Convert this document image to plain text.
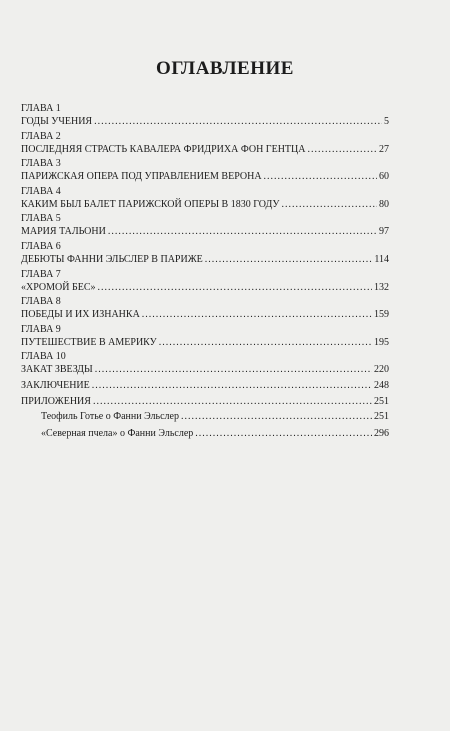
ОГЛАВЛЕНИЕ
ГЛАВА 1
ГОДЫ УЧЕНИЯ .....	5
ГЛАВА 2
ПОСЛЕДНЯЯ СТРАСТЬ КАВАЛЕРА ФРИДРИХА ФОН ГЕНТЦА .....	27
ГЛАВА 3
ПАРИЖСКАЯ ОПЕРА ПОД УПРАВЛЕНИЕМ ВЕРОНА .....	60
ГЛАВА 4
КАКИМ БЫЛ БАЛЕТ ПАРИЖСКОЙ ОПЕРЫ В 1830 ГОДУ .....	80
ГЛАВА 5
МАРИЯ ТАЛЬОНИ .....	97
ГЛАВА 6
ДЕБЮТЫ ФАННИ ЭЛЬСЛЕР В ПАРИЖЕ .....	114
ГЛАВА 7
«ХРОМОЙ БЕС» .....	132
ГЛАВА 8
ПОБЕДЫ И ИХ ИЗНАНКА .....	159
ГЛАВА 9
ПУТЕШЕСТВИЕ В АМЕРИКУ .....	195
ГЛАВА 10
ЗАКАТ ЗВЕЗДЫ .....	220
ЗАКЛЮЧЕНИЕ .....	248
ПРИЛОЖЕНИЯ .....	251
Теофиль Готье о Фанни Эльслер .....	251
«Северная пчела» о Фанни Эльслер .....	296
